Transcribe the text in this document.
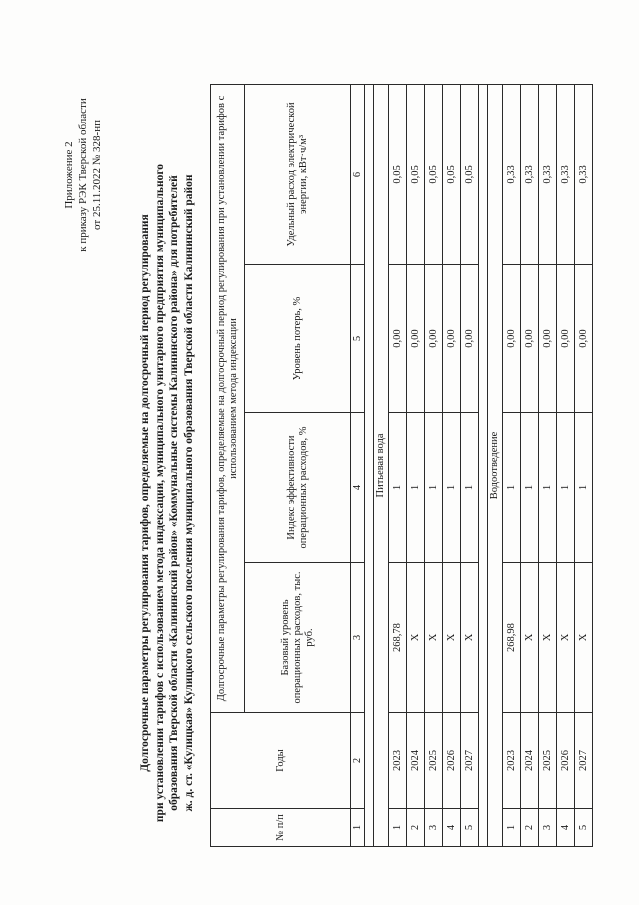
Приложение 2 к приказу РЭК Тверской области от 25.11.2022 № 328-нп
Долгосрочные параметры регулирования тарифов, определяемые на долгосрочный период регулирования при установлении тарифов с использованием метода индексации, муниципального унитарного предприятия муниципального образования Тверской области «Калининский район» «Коммунальные системы Калининского района» для потребителей ж. д. ст. «Кулицкая» Кулицкого сельского поселения муниципального образования Тверской области Калининский район
№ п/п	Годы	Долгосрочные параметры регулирования тарифов, определяемые на долгосрочный период регулирования при установлении тарифов с использованием метода индексации			
		Базовый уровень операционных расходов, тыс. руб.	Индекс эффективности операционных расходов, %	Уровень потерь, %	Удельный расход электрической энергии, кВт·ч/м³
1	2	3	4	5	6

Питьевая вода					
1	2023	268,78	1	0,00	0,05
2	2024	X	1	0,00	0,05
3	2025	X	1	0,00	0,05
4	2026	X	1	0,00	0,05
5	2027	X	1	0,00	0,05

Водоотведение					
1	2023	268,98	1	0,00	0,33
2	2024	X	1	0,00	0,33
3	2025	X	1	0,00	0,33
4	2026	X	1	0,00	0,33
5	2027	X	1	0,00	0,33
